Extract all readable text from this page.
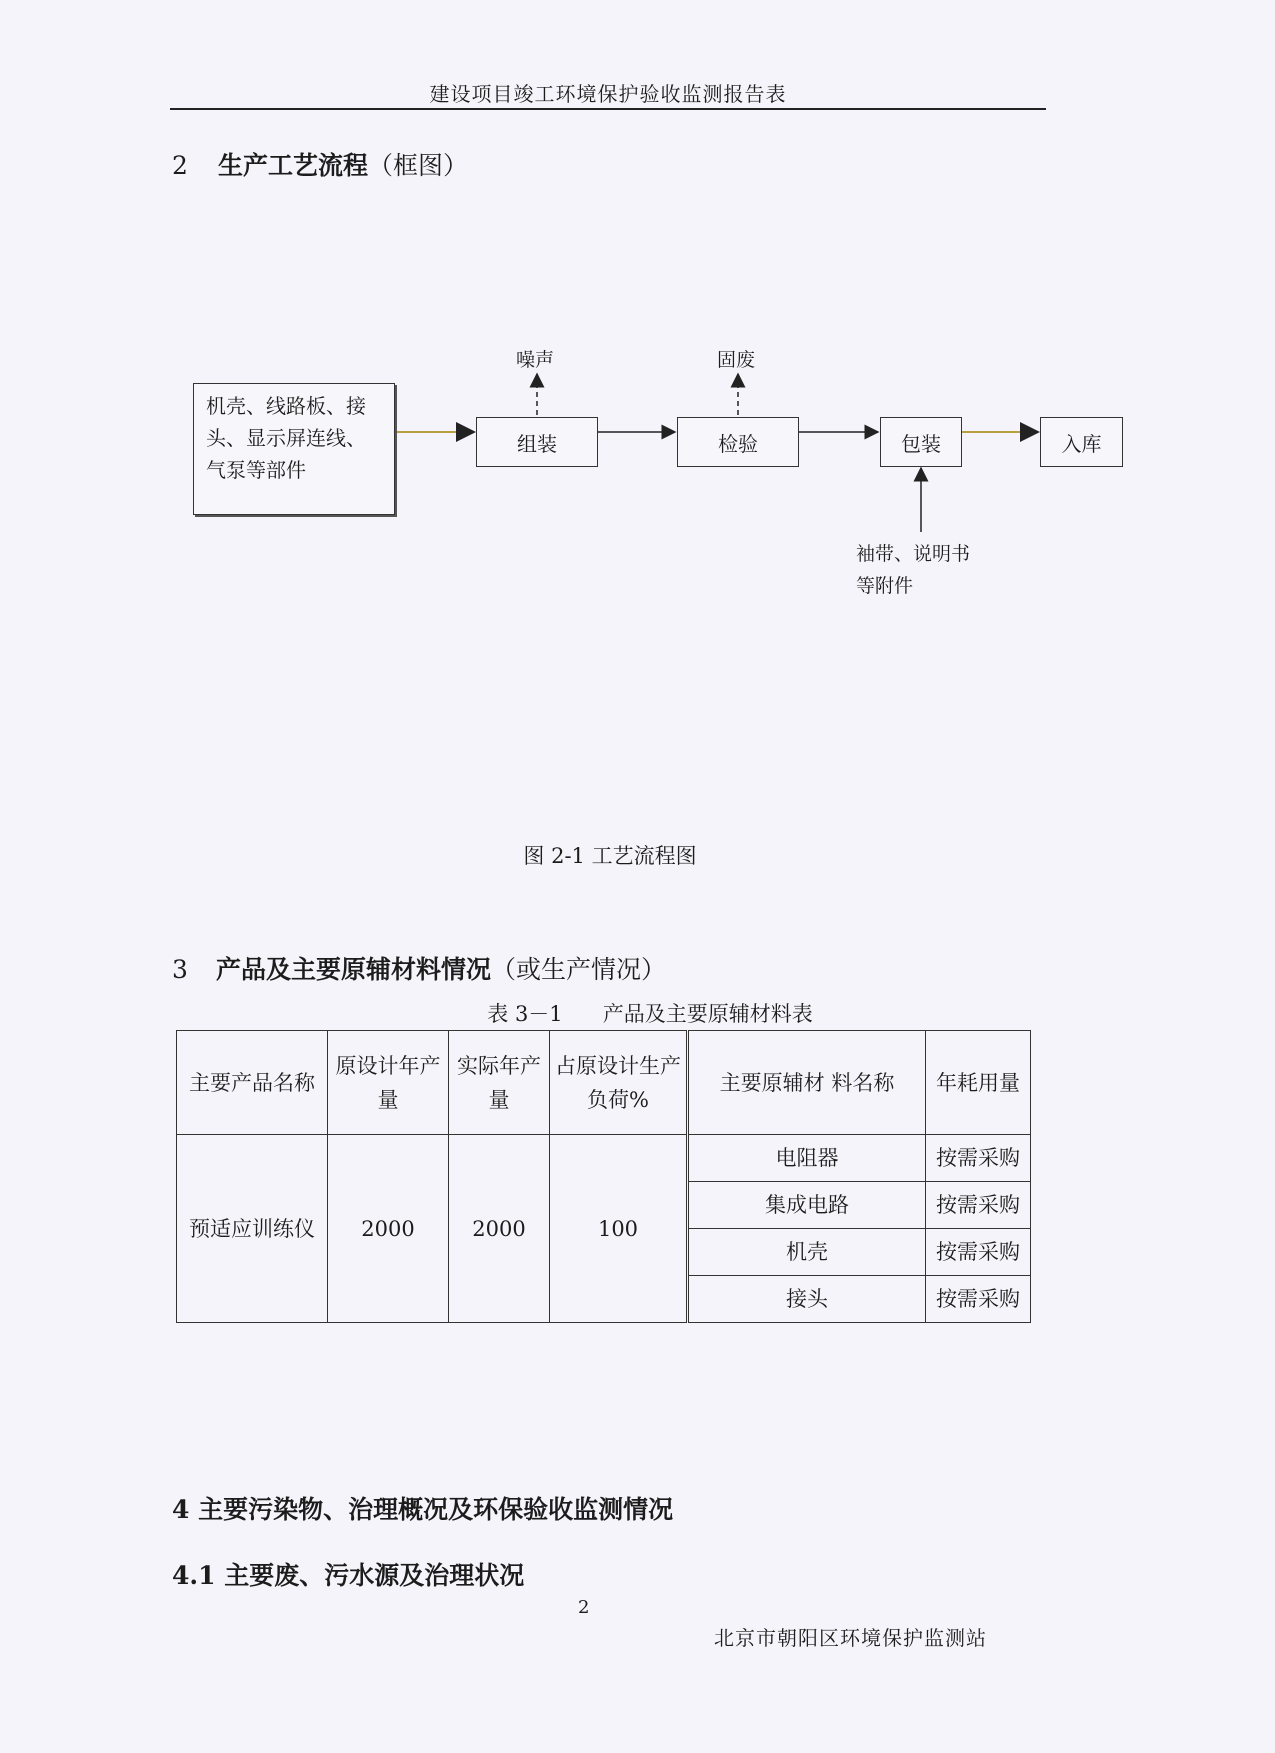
建设项目竣工环境保护验收监测报告表
2 生产工艺流程（框图）
机壳、线路板、接
头、显示屏连线、
气泵等部件
组装	检验	包装	入库
噪声	固废
袖带、说明书
等附件
图 2-1 工艺流程图
3 产品及主要原辅材料情况（或生产情况）
表 3－1      产品及主要原辅材料表
主要产品名称	原设计年产量	实际年产量	占原设计生产负荷%	主要原辅材 料名称	年耗用量
预适应训练仪	2000	2000	100	电阻器	按需采购
				集成电路	按需采购
				机壳	按需采购
				接头	按需采购
4 主要污染物、治理概况及环保验收监测情况
4.1 主要废、污水源及治理状况
2
北京市朝阳区环境保护监测站
